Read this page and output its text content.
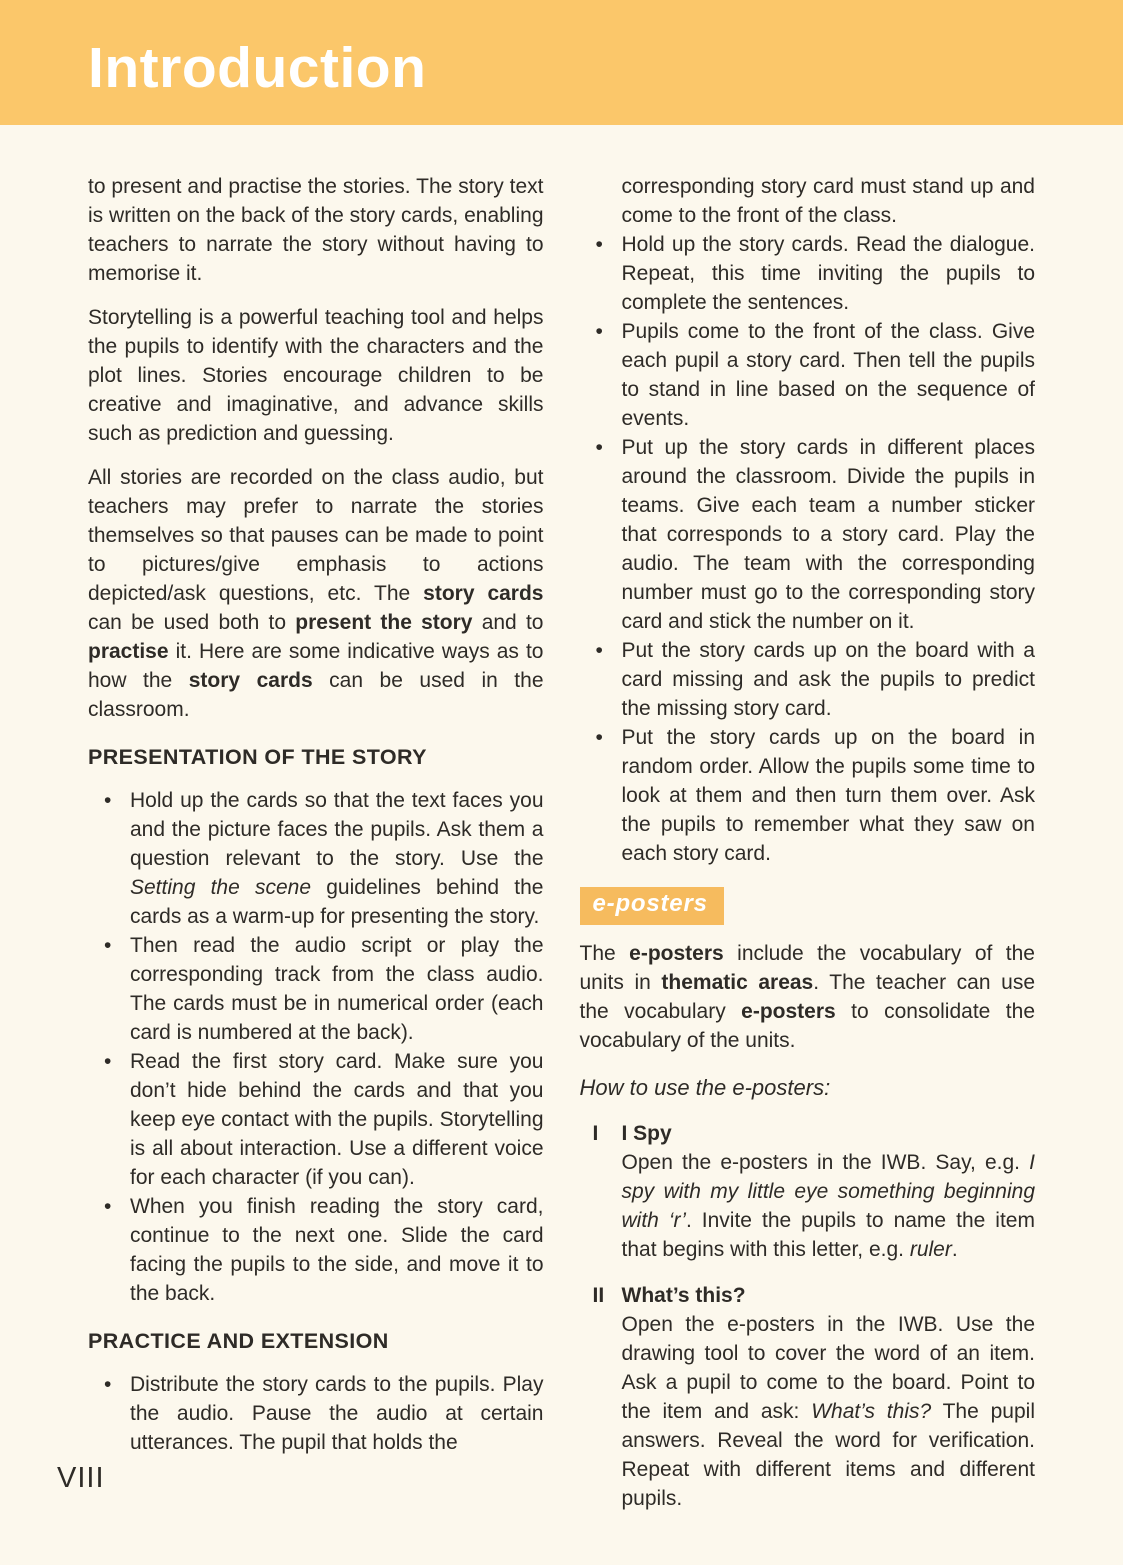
Introduction

to present and practise the stories. The story text is written on the back of the story cards, enabling teachers to narrate the story without having to memorise it.

Storytelling is a powerful teaching tool and helps the pupils to identify with the characters and the plot lines. Stories encourage children to be creative and imaginative, and advance skills such as prediction and guessing.

All stories are recorded on the class audio, but teachers may prefer to narrate the stories themselves so that pauses can be made to point to pictures/give emphasis to actions depicted/ask questions, etc. The story cards can be used both to present the story and to practise it. Here are some indicative ways as to how the story cards can be used in the classroom.

PRESENTATION OF THE STORY
• Hold up the cards so that the text faces you and the picture faces the pupils. Ask them a question relevant to the story. Use the Setting the scene guidelines behind the cards as a warm-up for presenting the story.
• Then read the audio script or play the corresponding track from the class audio. The cards must be in numerical order (each card is numbered at the back).
• Read the first story card. Make sure you don’t hide behind the cards and that you keep eye contact with the pupils. Storytelling is all about interaction. Use a different voice for each character (if you can).
• When you finish reading the story card, continue to the next one. Slide the card facing the pupils to the side, and move it to the back.
PRACTICE AND EXTENSION
• Distribute the story cards to the pupils. Play the audio. Pause the audio at certain utterances. The pupil that holds the

corresponding story card must stand up and come to the front of the class.

• Hold up the story cards. Read the dialogue. Repeat, this time inviting the pupils to complete the sentences.
• Pupils come to the front of the class. Give each pupil a story card. Then tell the pupils to stand in line based on the sequence of events.
• Put up the story cards in different places around the classroom. Divide the pupils in teams. Give each team a number sticker that corresponds to a story card. Play the audio. The team with the corresponding number must go to the corresponding story card and stick the number on it.
• Put the story cards up on the board with a card missing and ask the pupils to predict the missing story card.
• Put the story cards up on the board in random order. Allow the pupils some time to look at them and then turn them over. Ask the pupils to remember what they saw on each story card.
e-posters

The e-posters include the vocabulary of the units in thematic areas. The teacher can use the vocabulary e-posters to consolidate the vocabulary of the units.

How to use the e-posters:

I	I Spy
Open the e-posters in the IWB. Say, e.g. I spy with my little eye something beginning with ‘r’. Invite the pupils to name the item that begins with this letter, e.g. ruler.
II What’s this?
Open the e-posters in the IWB. Use the drawing tool to cover the word of an item. Ask a pupil to come to the board. Point to the item and ask: What’s this? The pupil answers. Reveal the word for verification. Repeat with different items and different pupils.
VIII
